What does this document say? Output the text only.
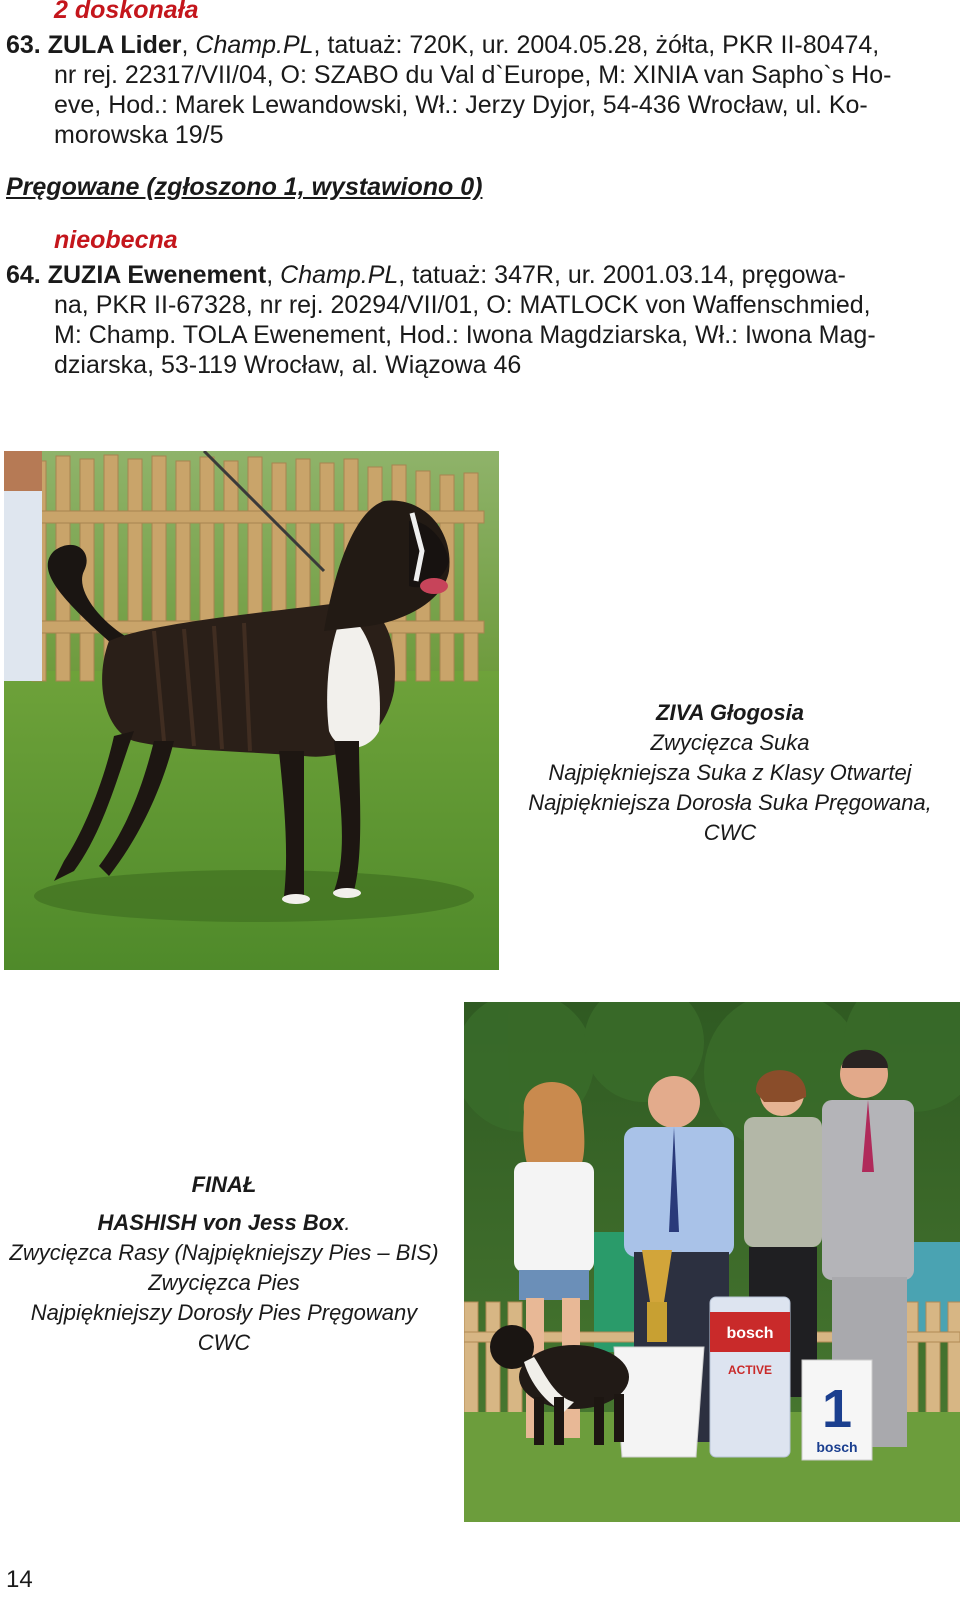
2 doskonała

63. ZULA Lider, Champ.PL, tatuaż: 720K, ur. 2004.05.28, żółta, PKR II-80474,

nr rej. 22317/VII/04, O: SZABO du Val d`Europe, M: XINIA van Sapho`s Ho-

eve, Hod.: Marek Lewandowski, Wł.: Jerzy Dyjor, 54-436 Wrocław, ul. Ko-

morowska 19/5

Pręgowane (zgłoszono 1, wystawiono 0)
nieobecna

64. ZUZIA Ewenement, Champ.PL, tatuaż: 347R, ur. 2001.03.14, pręgowa-

na, PKR II-67328, nr rej. 20294/VII/01, O: MATLOCK von Waffenschmied,

M: Champ. TOLA Ewenement, Hod.: Iwona Magdziarska, Wł.: Iwona Mag-

dziarska, 53-119 Wrocław, al. Wiązowa 46

ZIVA Głogosia
Zwycięzca Suka
Najpiękniejsza Suka z Klasy Otwartej
Najpiękniejsza Dorosła Suka Pręgowana,
CWC
bosch
ACTIVE
1
bosch
FINAŁ
HASHISH von Jess Box.
Zwycięzca Rasy (Najpiękniejszy Pies – BIS)
Zwycięzca Pies
Najpiękniejszy Dorosły Pies Pręgowany
CWC
14
